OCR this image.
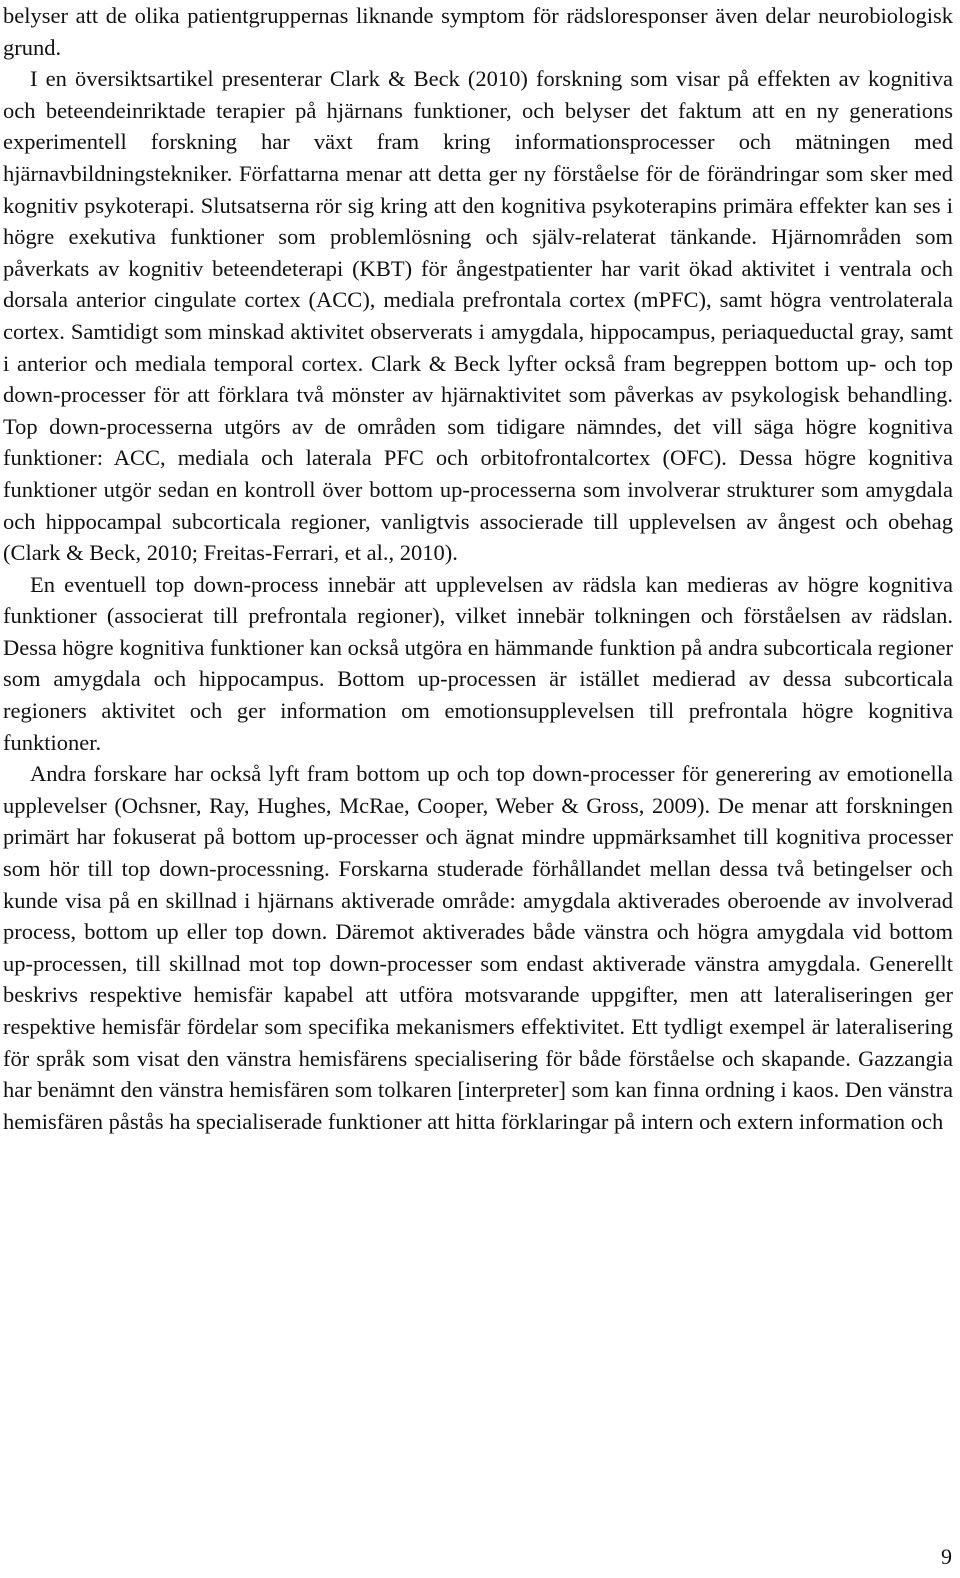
belyser att de olika patientgruppernas liknande symptom för rädsloresponser även delar neurobiologisk grund.

I en översiktsartikel presenterar Clark & Beck (2010) forskning som visar på effekten av kognitiva och beteendeinriktade terapier på hjärnans funktioner, och belyser det faktum att en ny generations experimentell forskning har växt fram kring informationsprocesser och mätningen med hjärnavbildningstekniker. Författarna menar att detta ger ny förståelse för de förändringar som sker med kognitiv psykoterapi. Slutsatserna rör sig kring att den kognitiva psykoterapins primära effekter kan ses i högre exekutiva funktioner som problemlösning och själv-relaterat tänkande. Hjärnområden som påverkats av kognitiv beteendeterapi (KBT) för ångestpatienter har varit ökad aktivitet i ventrala och dorsala anterior cingulate cortex (ACC), mediala prefrontala cortex (mPFC), samt högra ventrolaterala cortex. Samtidigt som minskad aktivitet observerats i amygdala, hippocampus, periaqueductal gray, samt i anterior och mediala temporal cortex. Clark & Beck lyfter också fram begreppen bottom up- och top down-processer för att förklara två mönster av hjärnaktivitet som påverkas av psykologisk behandling. Top down-processerna utgörs av de områden som tidigare nämndes, det vill säga högre kognitiva funktioner: ACC, mediala och laterala PFC och orbitofrontalcortex (OFC). Dessa högre kognitiva funktioner utgör sedan en kontroll över bottom up-processerna som involverar strukturer som amygdala och hippocampal subcorticala regioner, vanligtvis associerade till upplevelsen av ångest och obehag (Clark & Beck, 2010; Freitas-Ferrari, et al., 2010).

En eventuell top down-process innebär att upplevelsen av rädsla kan medieras av högre kognitiva funktioner (associerat till prefrontala regioner), vilket innebär tolkningen och förståelsen av rädslan. Dessa högre kognitiva funktioner kan också utgöra en hämmande funktion på andra subcorticala regioner som amygdala och hippocampus. Bottom up-processen är istället medierad av dessa subcorticala regioners aktivitet och ger information om emotionsupplevelsen till prefrontala högre kognitiva funktioner.

Andra forskare har också lyft fram bottom up och top down-processer för generering av emotionella upplevelser (Ochsner, Ray, Hughes, McRae, Cooper, Weber & Gross, 2009). De menar att forskningen primärt har fokuserat på bottom up-processer och ägnat mindre uppmärksamhet till kognitiva processer som hör till top down-processning. Forskarna studerade förhållandet mellan dessa två betingelser och kunde visa på en skillnad i hjärnans aktiverade område: amygdala aktiverades oberoende av involverad process, bottom up eller top down. Däremot aktiverades både vänstra och högra amygdala vid bottom up-processen, till skillnad mot top down-processer som endast aktiverade vänstra amygdala. Generellt beskrivs respektive hemisfär kapabel att utföra motsvarande uppgifter, men att lateraliseringen ger respektive hemisfär fördelar som specifika mekanismers effektivitet. Ett tydligt exempel är lateralisering för språk som visat den vänstra hemisfärens specialisering för både förståelse och skapande. Gazzangia har benämnt den vänstra hemisfären som tolkaren [interpreter] som kan finna ordning i kaos. Den vänstra hemisfären påstås ha specialiserade funktioner att hitta förklaringar på intern och extern information och

9
